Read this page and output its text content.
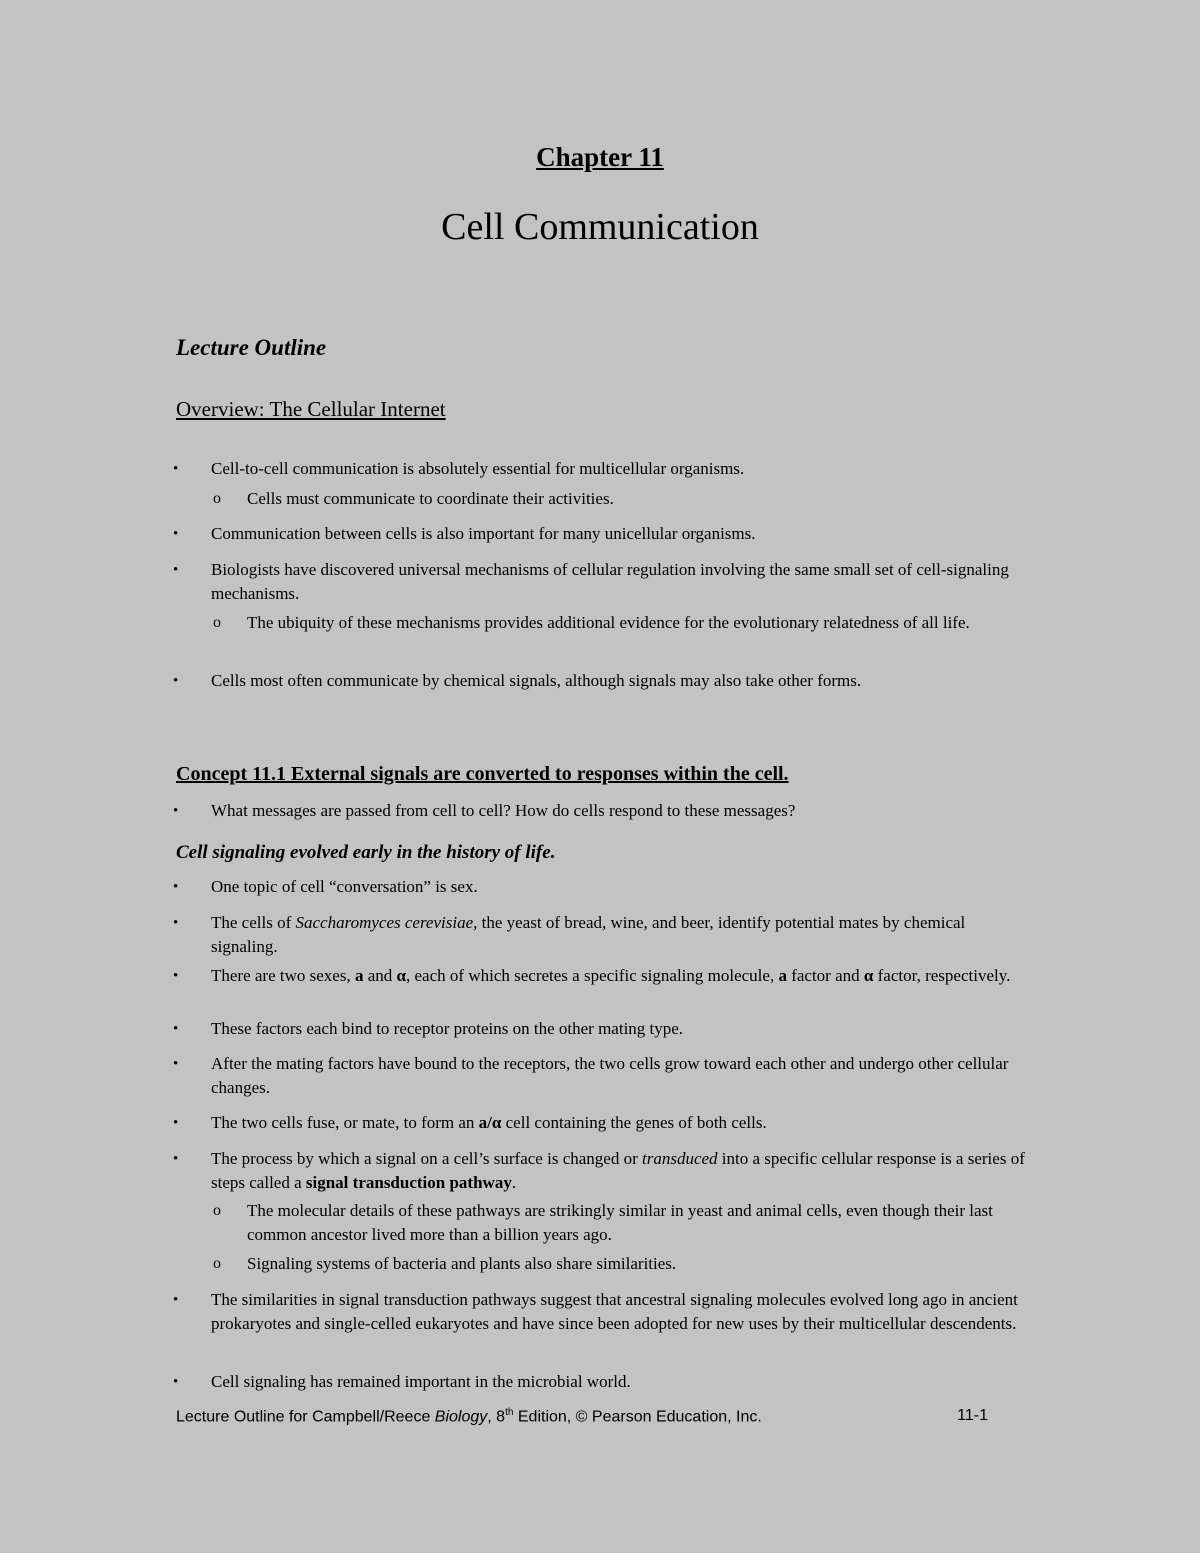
Chapter 11
Cell Communication
Lecture Outline
Overview: The Cellular Internet
• Cell-to-cell communication is absolutely essential for multicellular organisms.
o Cells must communicate to coordinate their activities.
• Communication between cells is also important for many unicellular organisms.
• Biologists have discovered universal mechanisms of cellular regulation involving the same small set of cell-signaling mechanisms.
o The ubiquity of these mechanisms provides additional evidence for the evolutionary relatedness of all life.
• Cells most often communicate by chemical signals, although signals may also take other forms.
Concept 11.1 External signals are converted to responses within the cell.
• What messages are passed from cell to cell? How do cells respond to these messages?
Cell signaling evolved early in the history of life.
• One topic of cell “conversation” is sex.
• The cells of Saccharomyces cerevisiae, the yeast of bread, wine, and beer, identify potential mates by chemical signaling.
• There are two sexes, a and α, each of which secretes a specific signaling molecule, a factor and α factor, respectively.
• These factors each bind to receptor proteins on the other mating type.
• After the mating factors have bound to the receptors, the two cells grow toward each other and undergo other cellular changes.
• The two cells fuse, or mate, to form an a/α cell containing the genes of both cells.
• The process by which a signal on a cell’s surface is changed or transduced into a specific cellular response is a series of steps called a signal transduction pathway.
o The molecular details of these pathways are strikingly similar in yeast and animal cells, even though their last common ancestor lived more than a billion years ago.
o Signaling systems of bacteria and plants also share similarities.
• The similarities in signal transduction pathways suggest that ancestral signaling molecules evolved long ago in ancient prokaryotes and single-celled eukaryotes and have since been adopted for new uses by their multicellular descendents.
• Cell signaling has remained important in the microbial world.
Lecture Outline for Campbell/Reece Biology, 8th Edition, © Pearson Education, Inc.	11-1
